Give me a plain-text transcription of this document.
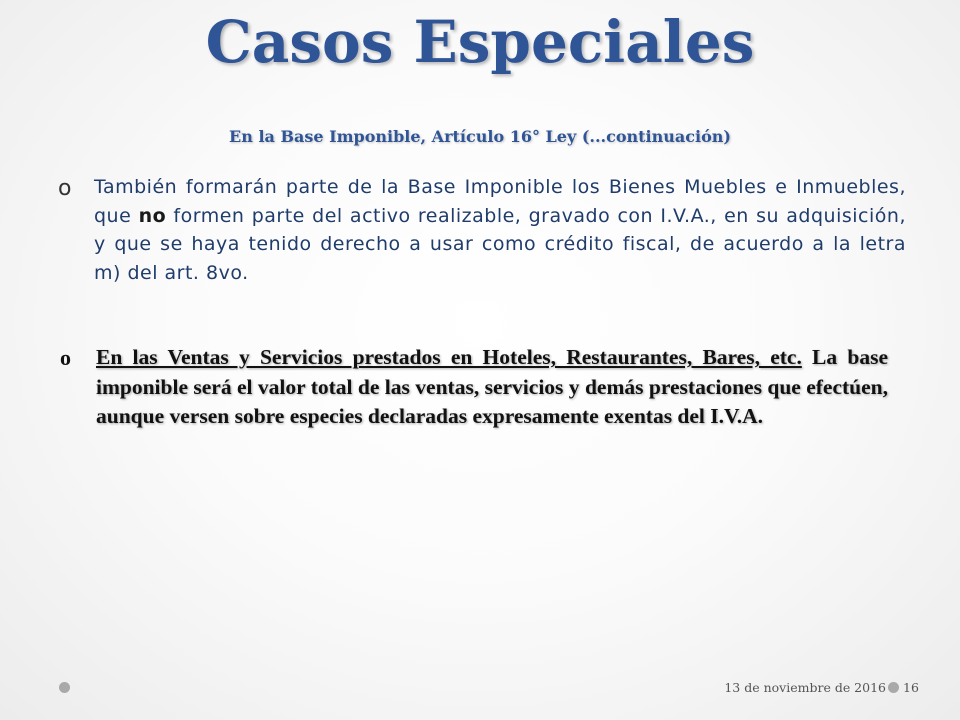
Casos Especiales
En la Base Imponible, Artículo 16° Ley (...continuación)
o También formarán parte de la Base Imponible los Bienes Muebles e Inmuebles, que no formen parte del activo realizable, gravado con I.V.A., en su adquisición, y que se haya tenido derecho a usar como crédito fiscal, de acuerdo a la letra m) del art. 8vo.
o En las Ventas y Servicios prestados en Hoteles, Restaurantes, Bares, etc. La base imponible será el valor total de las ventas, servicios y demás prestaciones que efectúen, aunque versen sobre especies declaradas expresamente exentas del I.V.A.
13 de noviembre de 2016 16
